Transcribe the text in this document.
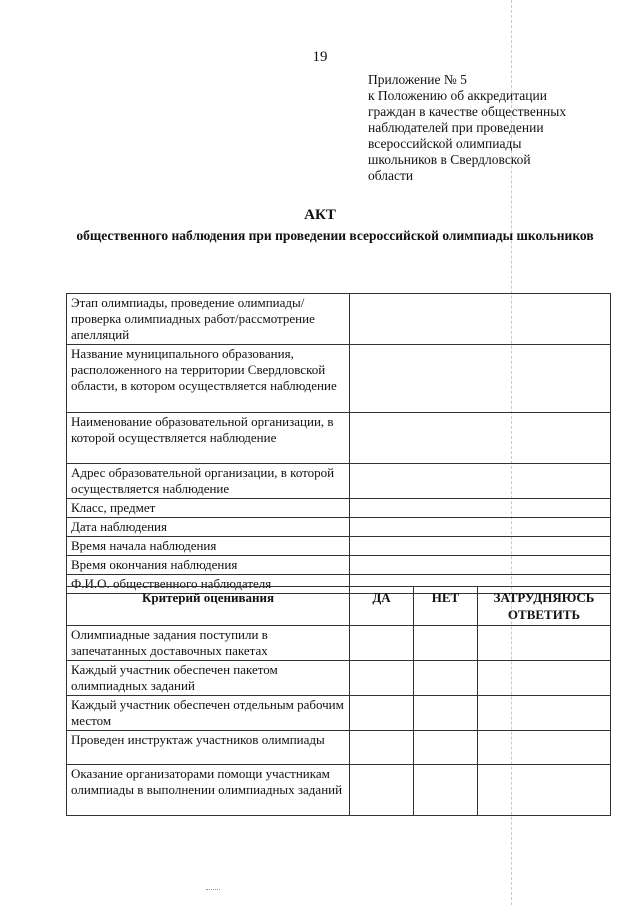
19
Приложение № 5
к Положению об аккредитации
граждан в качестве общественных
наблюдателей при проведении
всероссийской олимпиады
школьников в Свердловской
области
АКТ
общественного наблюдения при проведении всероссийской олимпиады школьников
Этап олимпиады, проведение олимпиады/проверка олимпиадных работ/рассмотрение апелляций	
Название муниципального образования, расположенного на территории Свердловской области, в котором осуществляется наблюдение	
Наименование образовательной организации, в которой осуществляется наблюдение	
Адрес образовательной организации, в которой осуществляется наблюдение	
Класс, предмет	
Дата наблюдения	
Время начала наблюдения	
Время окончания наблюдения	
Ф.И.О. общественного наблюдателя	
Критерий оценивания	ДА	НЕТ	ЗАТРУДНЯЮСЬ ОТВЕТИТЬ
Олимпиадные задания поступили в запечатанных доставочных пакетах			
Каждый участник обеспечен пакетом олимпиадных заданий			
Каждый участник обеспечен отдельным рабочим местом			
Проведен инструктаж участников олимпиады			
Оказание организаторами помощи участникам олимпиады в выполнении олимпиадных заданий			
